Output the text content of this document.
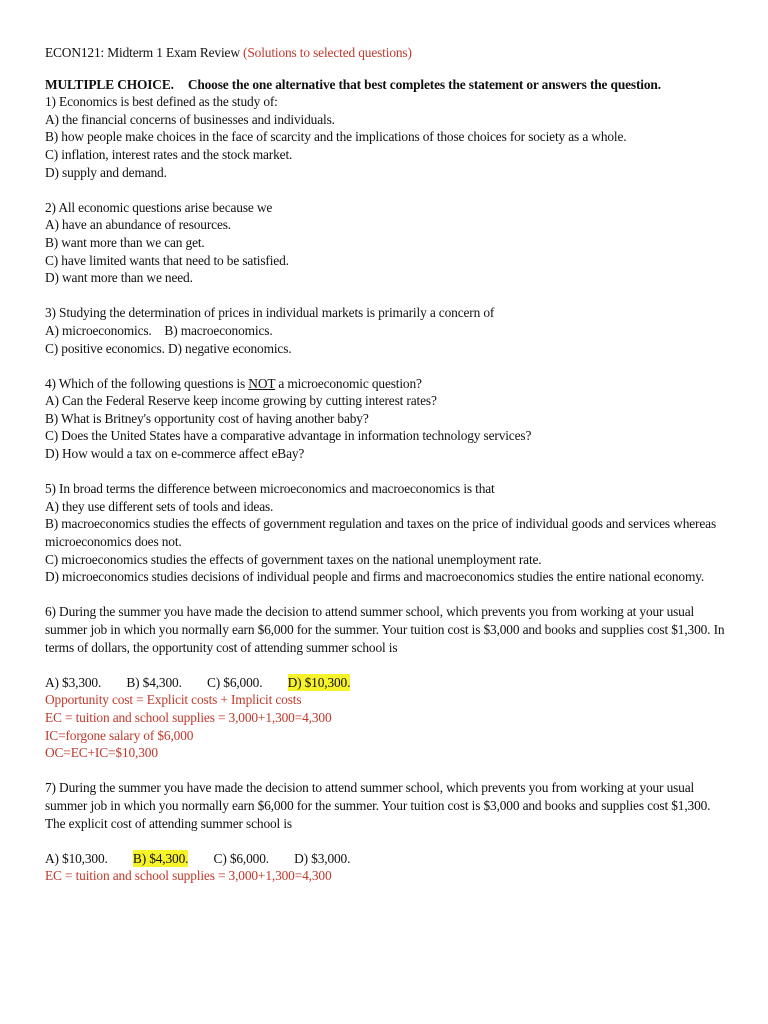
ECON121: Midterm 1 Exam Review (Solutions to selected questions)

MULTIPLE CHOICE. Choose the one alternative that best completes the statement or answers the question.

1) Economics is best defined as the study of:

A) the financial concerns of businesses and individuals.

B) how people make choices in the face of scarcity and the implications of those choices for society as a whole.

C) inflation, interest rates and the stock market.

D) supply and demand.

2) All economic questions arise because we

A) have an abundance of resources.

B) want more than we can get.

C) have limited wants that need to be satisfied.

D) want more than we need.

3) Studying the determination of prices in individual markets is primarily a concern of

A) microeconomics.    B) macroeconomics.

C) positive economics. D) negative economics.

4) Which of the following questions is NOT a microeconomic question?

A) Can the Federal Reserve keep income growing by cutting interest rates?

B) What is Britney's opportunity cost of having another baby?

C) Does the United States have a comparative advantage in information technology services?

D) How would a tax on e-commerce affect eBay?

5) In broad terms the difference between microeconomics and macroeconomics is that

A) they use different sets of tools and ideas.

B) macroeconomics studies the effects of government regulation and taxes on the price of individual goods and services whereas microeconomics does not.

C) microeconomics studies the effects of government taxes on the national unemployment rate.

D) microeconomics studies decisions of individual people and firms and macroeconomics studies the entire national economy.

6) During the summer you have made the decision to attend summer school, which prevents you from working at your usual summer job in which you normally earn $6,000 for the summer. Your tuition cost is $3,000 and books and supplies cost $1,300. In terms of dollars, the opportunity cost of attending summer school is

A) $3,300. B) $4,300. C) $6,000. D) $10,300.

Opportunity cost = Explicit costs + Implicit costs

EC = tuition and school supplies = 3,000+1,300=4,300

IC=forgone salary of $6,000

OC=EC+IC=$10,300

7) During the summer you have made the decision to attend summer school, which prevents you from working at your usual summer job in which you normally earn $6,000 for the summer. Your tuition cost is $3,000 and books and supplies cost $1,300. The explicit cost of attending summer school is

A) $10,300. B) $4,300. C) $6,000. D) $3,000.

EC = tuition and school supplies = 3,000+1,300=4,300
